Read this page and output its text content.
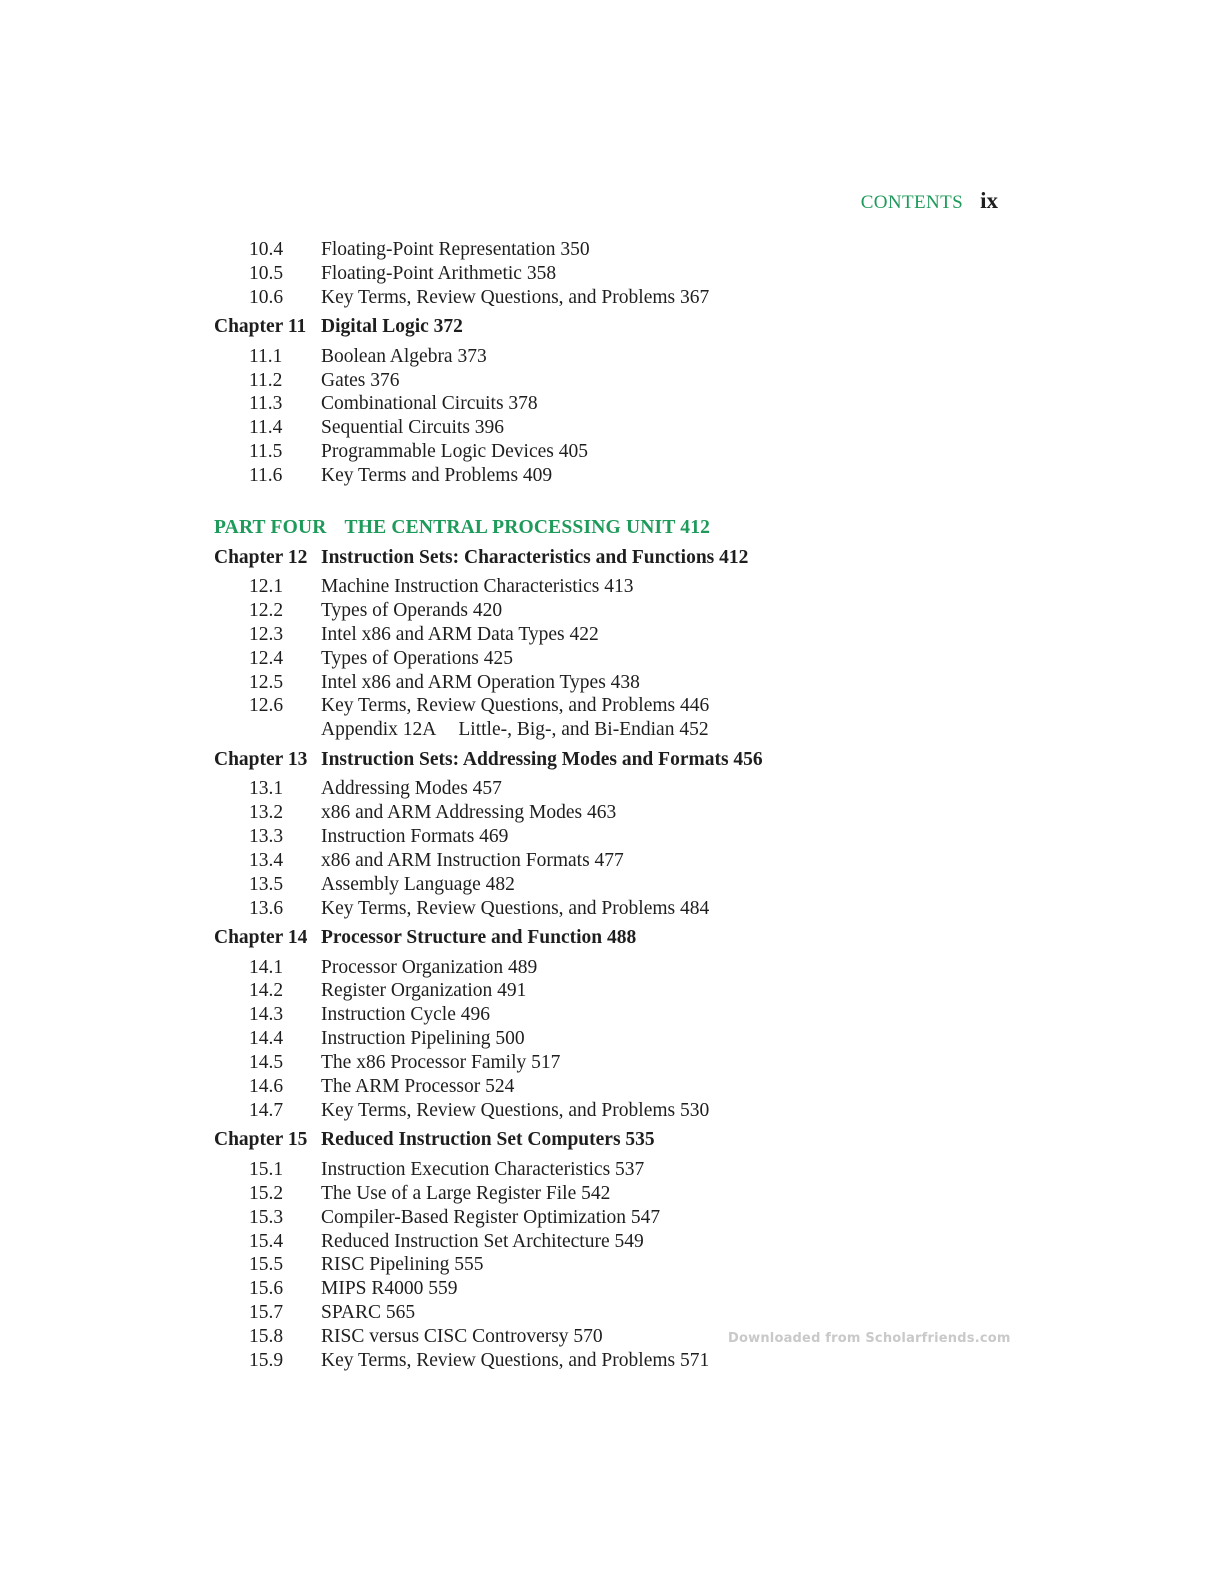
CONTENTS ix
10.4	Floating-Point Representation 350
10.5	Floating-Point Arithmetic 358
10.6	Key Terms, Review Questions, and Problems 367
Chapter 11 Digital Logic 372
11.1	Boolean Algebra 373
11.2	Gates 376
11.3	Combinational Circuits 378
11.4	Sequential Circuits 396
11.5	Programmable Logic Devices 405
11.6	Key Terms and Problems 409
PART FOUR THE CENTRAL PROCESSING UNIT 412
Chapter 12 Instruction Sets: Characteristics and Functions 412
12.1	Machine Instruction Characteristics 413
12.2	Types of Operands 420
12.3	Intel x86 and ARM Data Types 422
12.4	Types of Operations 425
12.5	Intel x86 and ARM Operation Types 438
12.6	Key Terms, Review Questions, and Problems 446
Appendix 12A Little-, Big-, and Bi-Endian 452
Chapter 13 Instruction Sets: Addressing Modes and Formats 456
13.1	Addressing Modes 457
13.2	x86 and ARM Addressing Modes 463
13.3	Instruction Formats 469
13.4	x86 and ARM Instruction Formats 477
13.5	Assembly Language 482
13.6	Key Terms, Review Questions, and Problems 484
Chapter 14 Processor Structure and Function 488
14.1	Processor Organization 489
14.2	Register Organization 491
14.3	Instruction Cycle 496
14.4	Instruction Pipelining 500
14.5	The x86 Processor Family 517
14.6	The ARM Processor 524
14.7	Key Terms, Review Questions, and Problems 530
Chapter 15 Reduced Instruction Set Computers 535
15.1	Instruction Execution Characteristics 537
15.2	The Use of a Large Register File 542
15.3	Compiler-Based Register Optimization 547
15.4	Reduced Instruction Set Architecture 549
15.5	RISC Pipelining 555
15.6	MIPS R4000 559
15.7	SPARC 565
15.8	RISC versus CISC Controversy 570
15.9	Key Terms, Review Questions, and Problems 571
Downloaded from Scholarfriends.com
